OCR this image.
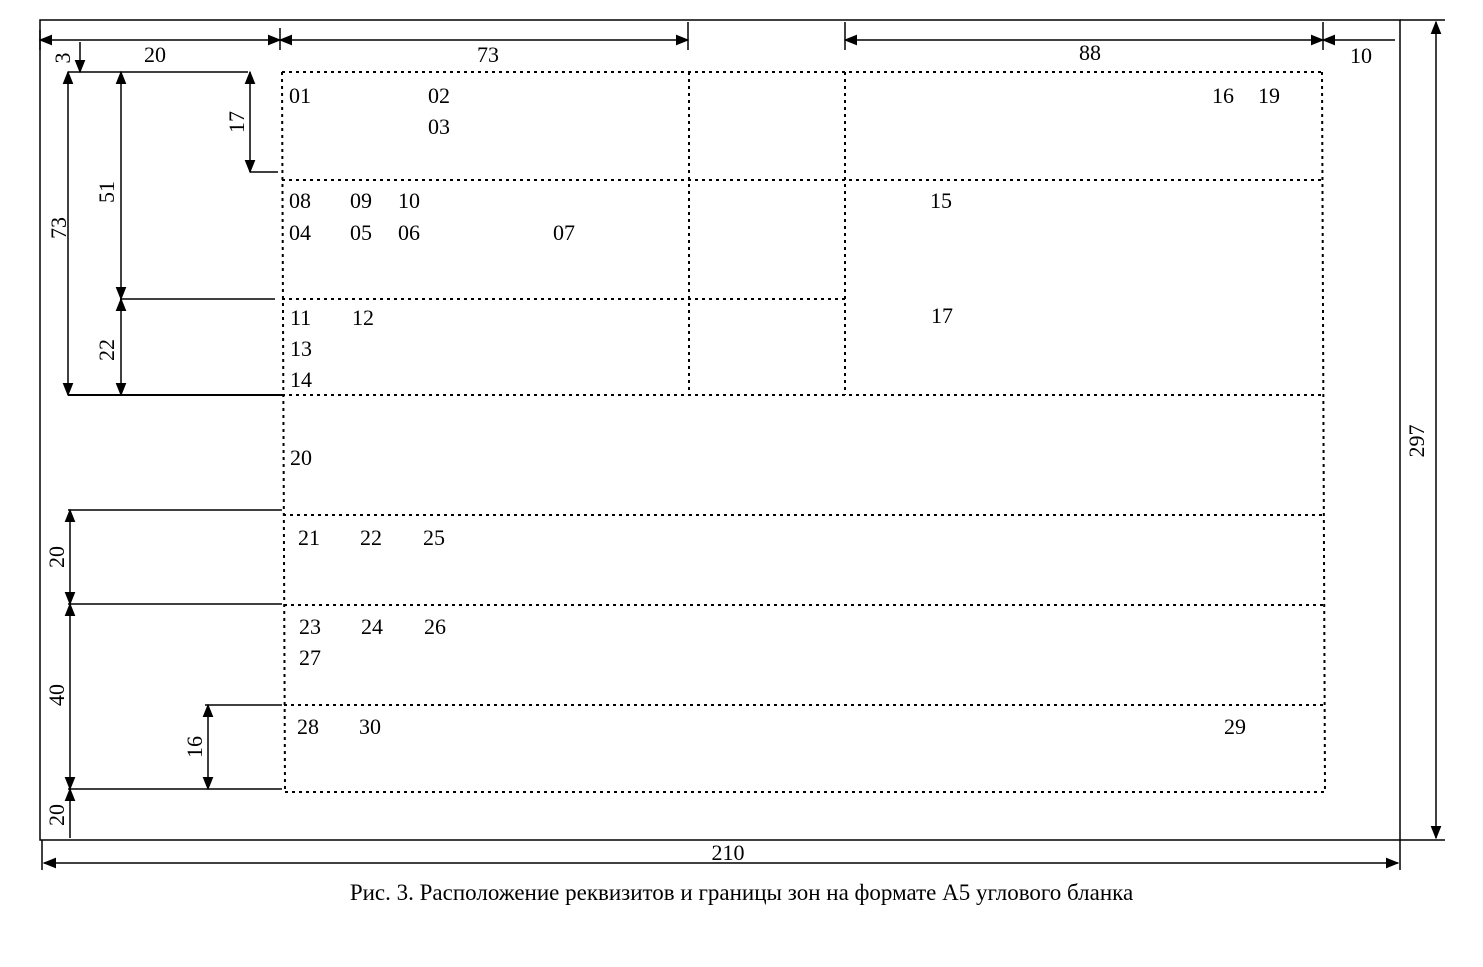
3	20	73	88	10
17
73
51
22
20
40
16
20
210
297
01	02
03
16 19
08 09 10	15
04 05 06	07
11 12	17
13
14
20
21 22 25
23 24 26
27
28 30	29
Рис. 3. Расположение реквизитов и границы зон на формате А5 углового бланка
